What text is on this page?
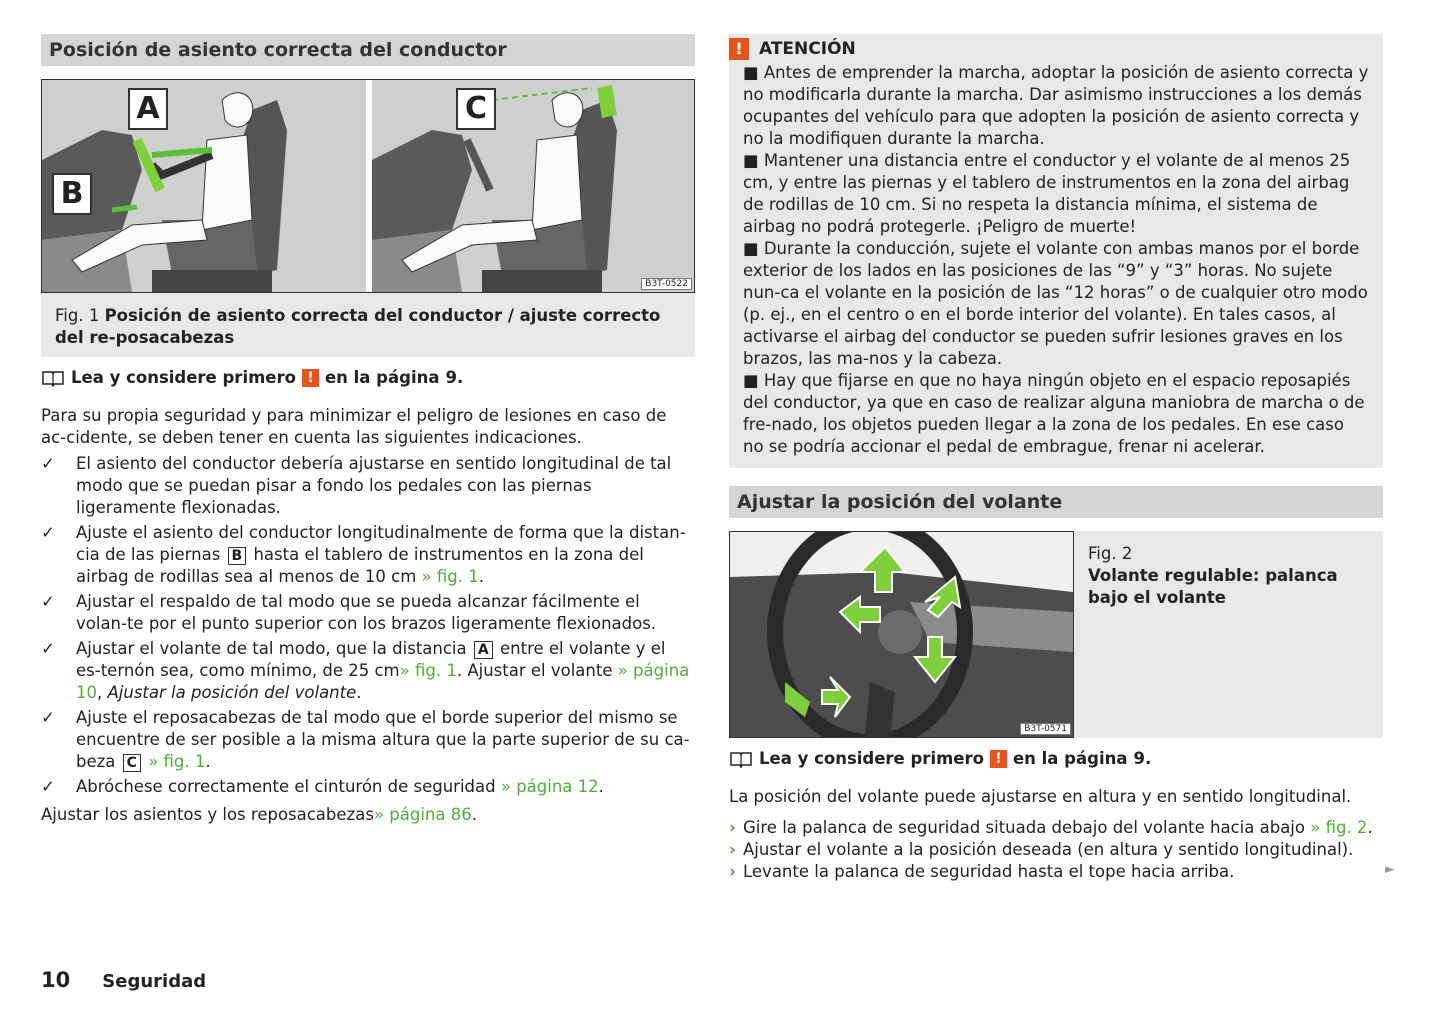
Posición de asiento correcta del conductor
A
B
C
B3T-0522
Fig. 1 Posición de asiento correcta del conductor / ajuste correcto del re-posacabezas
Lea y considere primero ! en la página 9.

Para su propia seguridad y para minimizar el peligro de lesiones en caso de ac-cidente, se deben tener en cuenta las siguientes indicaciones.

✓ El asiento del conductor debería ajustarse en sentido longitudinal de tal modo que se puedan pisar a fondo los pedales con las piernas ligeramente flexionadas.
✓ Ajuste el asiento del conductor longitudinalmente de forma que la distan-cia de las piernas B hasta el tablero de instrumentos en la zona del airbag de rodillas sea al menos de 10 cm » fig. 1.
✓ Ajustar el respaldo de tal modo que se pueda alcanzar fácilmente el volan-te por el punto superior con los brazos ligeramente flexionados.
✓ Ajustar el volante de tal modo, que la distancia A entre el volante y el es-ternón sea, como mínimo, de 25 cm» fig. 1. Ajustar el volante » página 10, Ajustar la posición del volante.
✓ Ajuste el reposacabezas de tal modo que el borde superior del mismo se encuentre de ser posible a la misma altura que la parte superior de su ca-beza C » fig. 1.
✓ Abróchese correctamente el cinturón de seguridad » página 12.

Ajustar los asientos y los reposacabezas» página 86.

! ATENCIÓN

■ Antes de emprender la marcha, adoptar la posición de asiento correcta y no modificarla durante la marcha. Dar asimismo instrucciones a los demás ocupantes del vehículo para que adopten la posición de asiento correcta y no la modifiquen durante la marcha.

■ Mantener una distancia entre el conductor y el volante de al menos 25 cm, y entre las piernas y el tablero de instrumentos en la zona del airbag de rodillas de 10 cm. Si no respeta la distancia mínima, el sistema de airbag no podrá protegerle. ¡Peligro de muerte!

■ Durante la conducción, sujete el volante con ambas manos por el borde exterior de los lados en las posiciones de las “9” y “3” horas. No sujete nun-ca el volante en la posición de las “12 horas” o de cualquier otro modo (p. ej., en el centro o en el borde interior del volante). En tales casos, al activarse el airbag del conductor se pueden sufrir lesiones graves en los brazos, las ma-nos y la cabeza.

■ Hay que fijarse en que no haya ningún objeto en el espacio reposapiés del conductor, ya que en caso de realizar alguna maniobra de marcha o de fre-nado, los objetos pueden llegar a la zona de los pedales. En ese caso no se podría accionar el pedal de embrague, frenar ni acelerar.

Ajustar la posición del volante
B3T-0571
Fig. 2
Volante regulable: palanca bajo el volante
Lea y considere primero ! en la página 9.

La posición del volante puede ajustarse en altura y en sentido longitudinal.

› Gire la palanca de seguridad situada debajo del volante hacia abajo » fig. 2.
› Ajustar el volante a la posición deseada (en altura y sentido longitudinal).
› Levante la palanca de seguridad hasta el tope hacia arriba.	►
10 Seguridad
